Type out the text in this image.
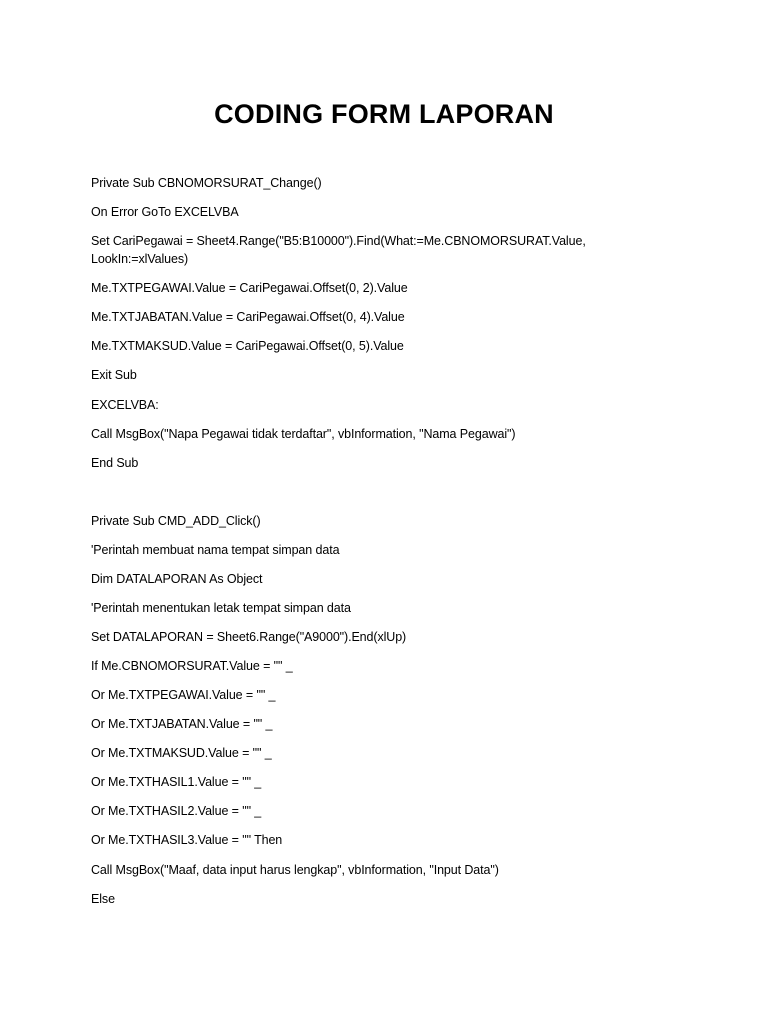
CODING FORM LAPORAN
Private Sub CBNOMORSURAT_Change()
On Error GoTo EXCELVBA
Set CariPegawai = Sheet4.Range("B5:B10000").Find(What:=Me.CBNOMORSURAT.Value,
LookIn:=xlValues)
Me.TXTPEGAWAI.Value = CariPegawai.Offset(0, 2).Value
Me.TXTJABATAN.Value = CariPegawai.Offset(0, 4).Value
Me.TXTMAKSUD.Value = CariPegawai.Offset(0, 5).Value
Exit Sub
EXCELVBA:
Call MsgBox("Napa Pegawai tidak terdaftar", vbInformation, "Nama Pegawai")
End Sub
Private Sub CMD_ADD_Click()
'Perintah membuat nama tempat simpan data
Dim DATALAPORAN As Object
'Perintah menentukan letak tempat simpan data
Set DATALAPORAN = Sheet6.Range("A9000").End(xlUp)
If Me.CBNOMORSURAT.Value = "" _
Or Me.TXTPEGAWAI.Value = "" _
Or Me.TXTJABATAN.Value = "" _
Or Me.TXTMAKSUD.Value = "" _
Or Me.TXTHASIL1.Value = "" _
Or Me.TXTHASIL2.Value = "" _
Or Me.TXTHASIL3.Value = "" Then
Call MsgBox("Maaf, data input harus lengkap", vbInformation, "Input Data")
Else
